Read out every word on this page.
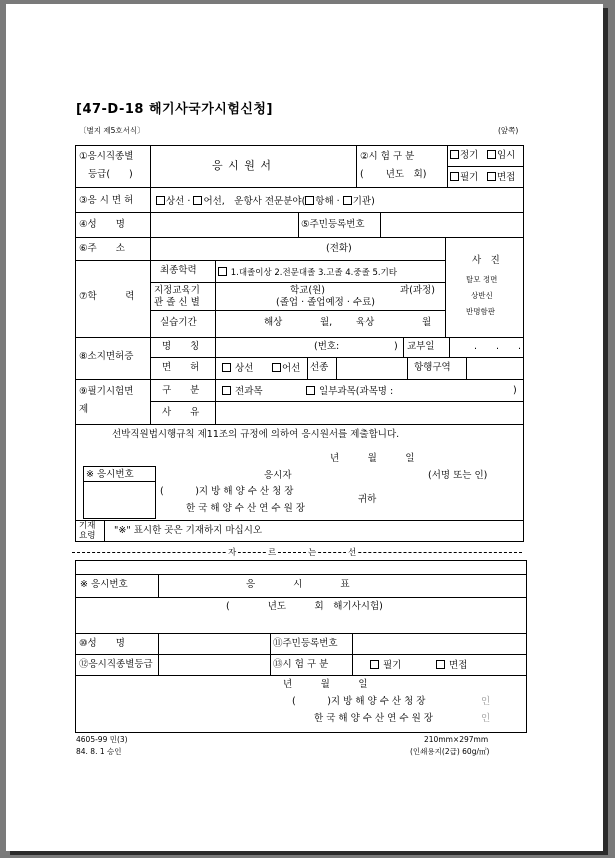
[47-D-18 해기사국가시험신청]
〔별지 제5호서식〕	(앞쪽)
①응시직종별
등급(　　)
응 시 원 서
②시 험 구 분
(　　 년도　회)
정기	임시
필기	면접
③응 시 면 허	상선 · 어선,　운항사 전문분야( 항해 · 기관)
④성　　명	⑤주민등록번호
⑥주　　소	(전화)
사　진
탈모 정면
상반신
반명함판
⑦학　　　력
최종학력	1.대졸이상 2.전문대졸 3.고졸 4.중졸 5.기타
지정교육기
관 졸 신 별
학교(원)	과(과정)
(졸업 · 졸업예정 · 수료)
실습기간	해상	월,	육상	월
⑧소지면허증
명　　칭	(번호:	) 교부일	.　　.　　.
면　　허	상선	어선 선종	항행구역
⑨필기시험면
제
구　　분	전과목	일부과목(과목명 :	)
사　　유
선박직원법시행규칙 제11조의 규정에 의하여 응시원서를 제출합니다.
년　　　월　　　일
응시자	(서명 또는 인)
※ 응시번호
(　　　 )지 방 해 양 수 산 청 장
한 국 해 양 수 산 연 수 원 장
귀하
기재
요령 "※" 표시한 곳은 기재하지 마십시오
자	르	는	선
※ 응시번호	응　　　　시　　　　표
(　　　　년도　　　회　해기사시험)
⑩성　　명	⑪주민등록번호
⑫응시직종별등급	⑬시 험 구 분	필기	면접
년　　　월　　　일
(　　　 )지 방 해 양 수 산 청 장	인
한 국 해 양 수 산 연 수 원 장	인
4605-99 민(3)
84. 8. 1 승인
210mm×297mm
(인쇄용지(2급) 60g/㎡)
